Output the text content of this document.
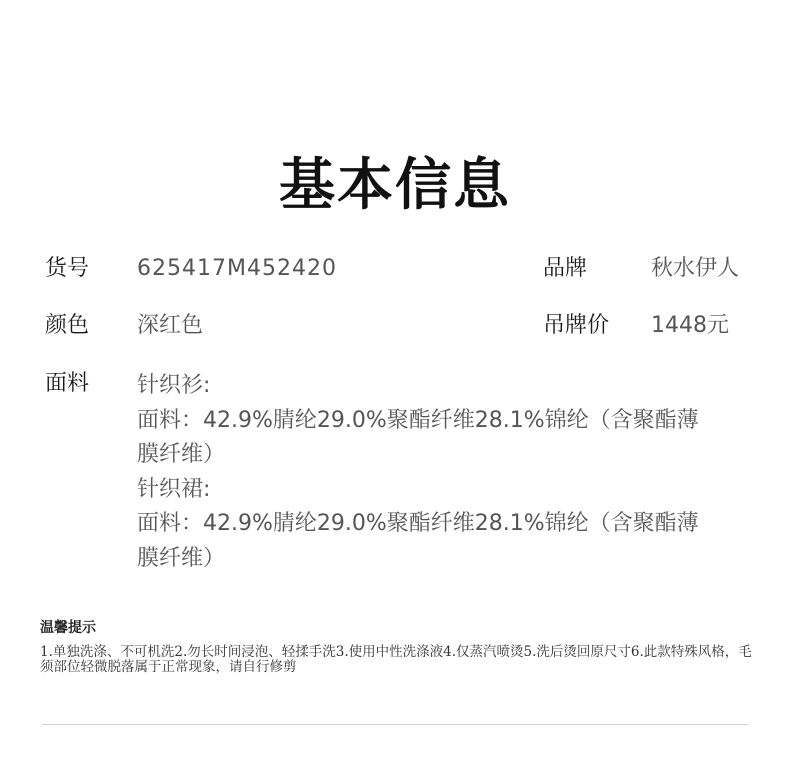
基本信息
货号 625417M452420	品牌	秋水伊人
颜色 深红色	吊牌价 1448元
面料 针织衫:
面料：42.9%腈纶29.0%聚酯纤维28.1%锦纶（含聚酯薄
膜纤维）
针织裙:
面料：42.9%腈纶29.0%聚酯纤维28.1%锦纶（含聚酯薄
膜纤维）
温馨提示
1.单独洗涤、不可机洗2.勿长时间浸泡、轻揉手洗3.使用中性洗涤液4.仅蒸汽喷烫5.洗后烫回原尺寸6.此款特殊风格，毛须部位轻微脱落属于正常现象，请自行修剪
